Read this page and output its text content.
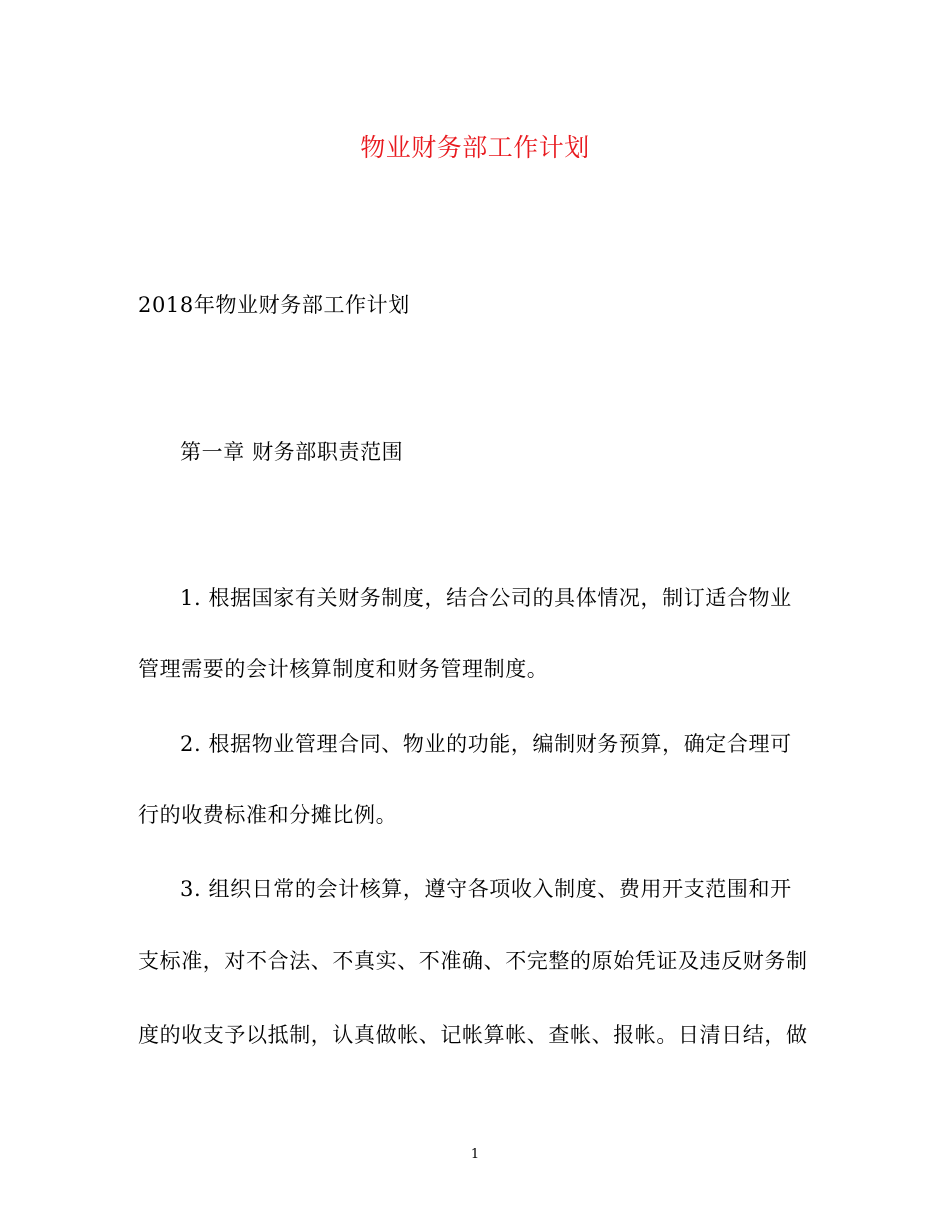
物业财务部工作计划
2018年物业财务部工作计划
第一章 财务部职责范围
1. 根据国家有关财务制度，结合公司的具体情况，制订适合物业
管理需要的会计核算制度和财务管理制度。
2. 根据物业管理合同、物业的功能，编制财务预算，确定合理可
行的收费标准和分摊比例。
3. 组织日常的会计核算，遵守各项收入制度、费用开支范围和开
支标准，对不合法、不真实、不准确、不完整的原始凭证及违反财务制
度的收支予以抵制，认真做帐、记帐算帐、查帐、报帐。日清日结，做
1
